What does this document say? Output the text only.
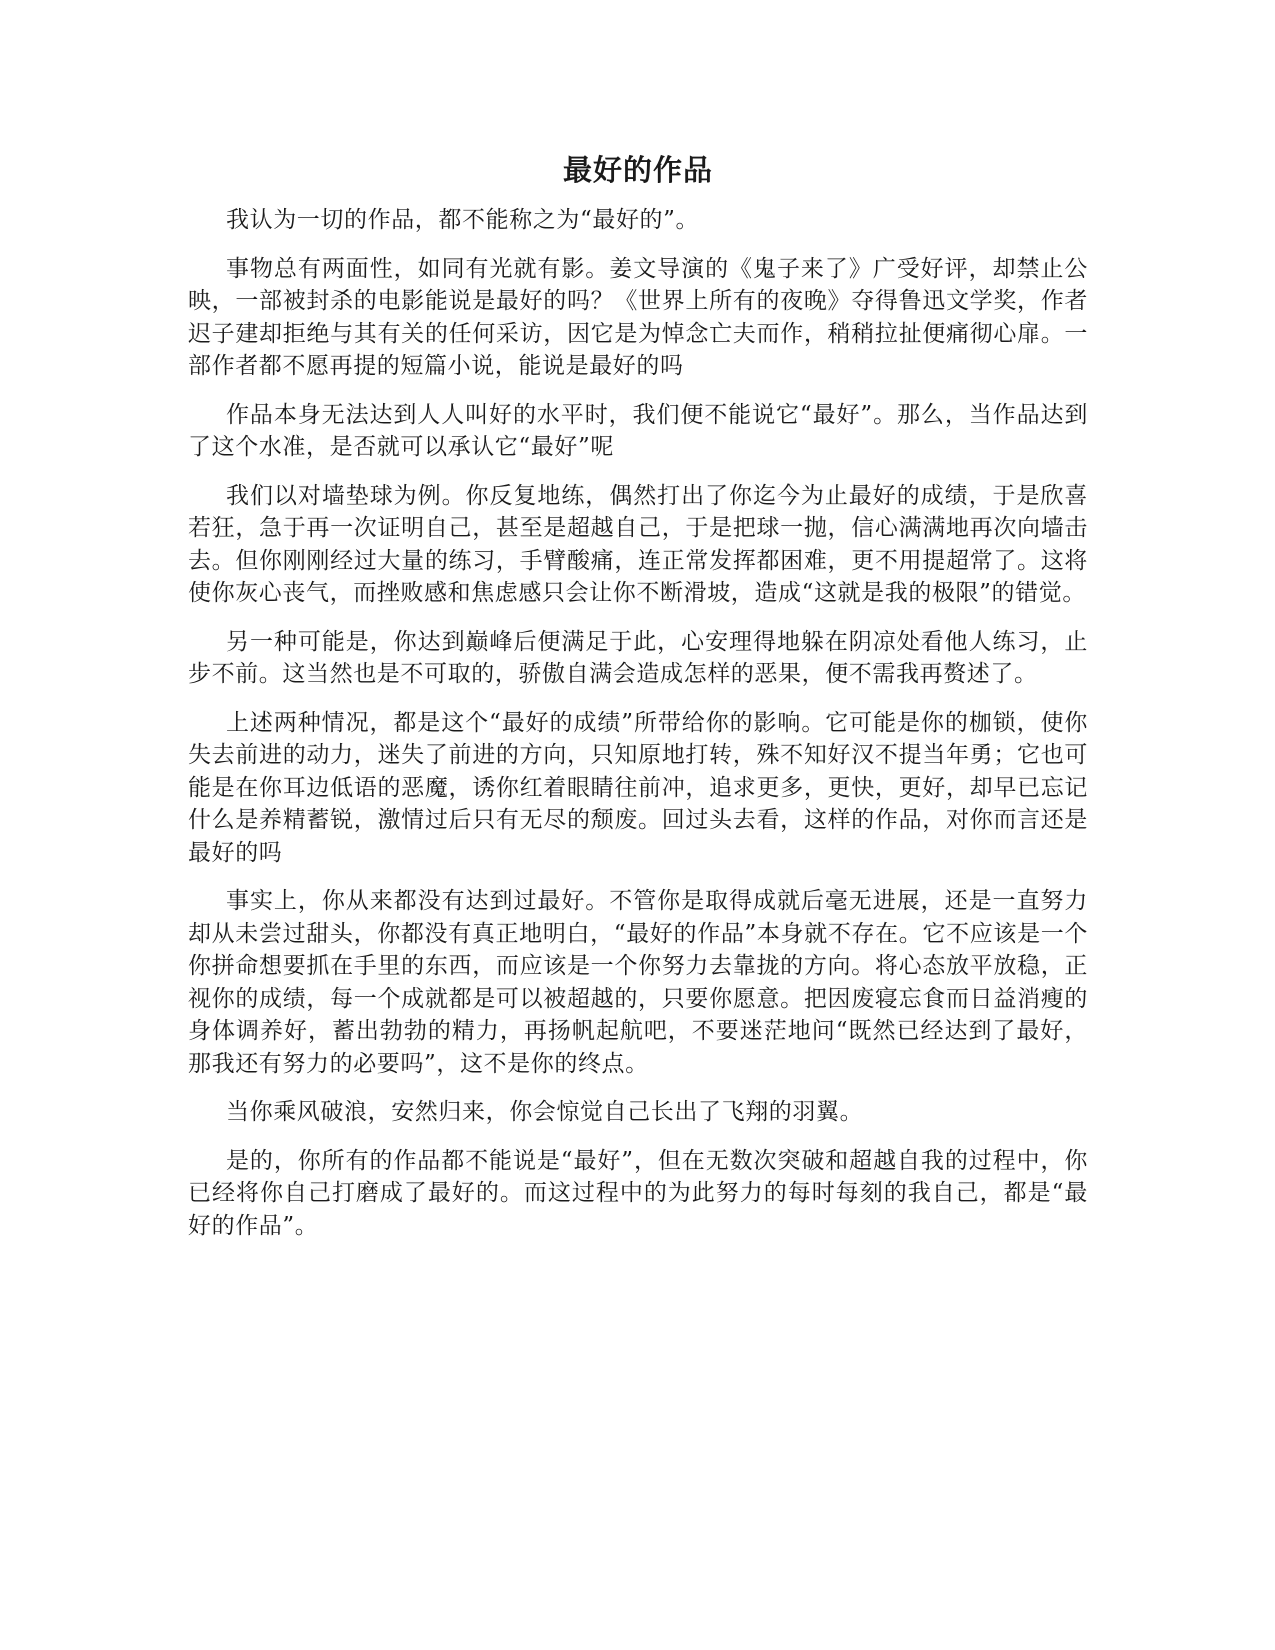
最好的作品

我认为一切的作品，都不能称之为“最好的”。

事物总有两面性，如同有光就有影。姜文导演的《鬼子来了》广受好评，却禁止公映，一部被封杀的电影能说是最好的吗？《世界上所有的夜晚》夺得鲁迅文学奖，作者迟子建却拒绝与其有关的任何采访，因它是为悼念亡夫而作，稍稍拉扯便痛彻心扉。一部作者都不愿再提的短篇小说，能说是最好的吗

作品本身无法达到人人叫好的水平时，我们便不能说它“最好”。那么，当作品达到了这个水准，是否就可以承认它“最好”呢

我们以对墙垫球为例。你反复地练，偶然打出了你迄今为止最好的成绩，于是欣喜若狂，急于再一次证明自己，甚至是超越自己，于是把球一抛，信心满满地再次向墙击去。但你刚刚经过大量的练习，手臂酸痛，连正常发挥都困难，更不用提超常了。这将使你灰心丧气，而挫败感和焦虑感只会让你不断滑坡，造成“这就是我的极限”的错觉。

另一种可能是，你达到巅峰后便满足于此，心安理得地躲在阴凉处看他人练习，止步不前。这当然也是不可取的，骄傲自满会造成怎样的恶果，便不需我再赘述了。

上述两种情况，都是这个“最好的成绩”所带给你的影响。它可能是你的枷锁，使你失去前进的动力，迷失了前进的方向，只知原地打转，殊不知好汉不提当年勇；它也可能是在你耳边低语的恶魔，诱你红着眼睛往前冲，追求更多，更快，更好，却早已忘记什么是养精蓄锐，激情过后只有无尽的颓废。回过头去看，这样的作品，对你而言还是最好的吗

事实上，你从来都没有达到过最好。不管你是取得成就后毫无进展，还是一直努力却从未尝过甜头，你都没有真正地明白，“最好的作品”本身就不存在。它不应该是一个你拼命想要抓在手里的东西，而应该是一个你努力去靠拢的方向。将心态放平放稳，正视你的成绩，每一个成就都是可以被超越的，只要你愿意。把因废寝忘食而日益消瘦的身体调养好，蓄出勃勃的精力，再扬帆起航吧，不要迷茫地问“既然已经达到了最好，那我还有努力的必要吗”，这不是你的终点。

当你乘风破浪，安然归来，你会惊觉自己长出了飞翔的羽翼。

是的，你所有的作品都不能说是“最好”，但在无数次突破和超越自我的过程中，你已经将你自己打磨成了最好的。而这过程中的为此努力的每时每刻的我自己，都是“最好的作品”。
